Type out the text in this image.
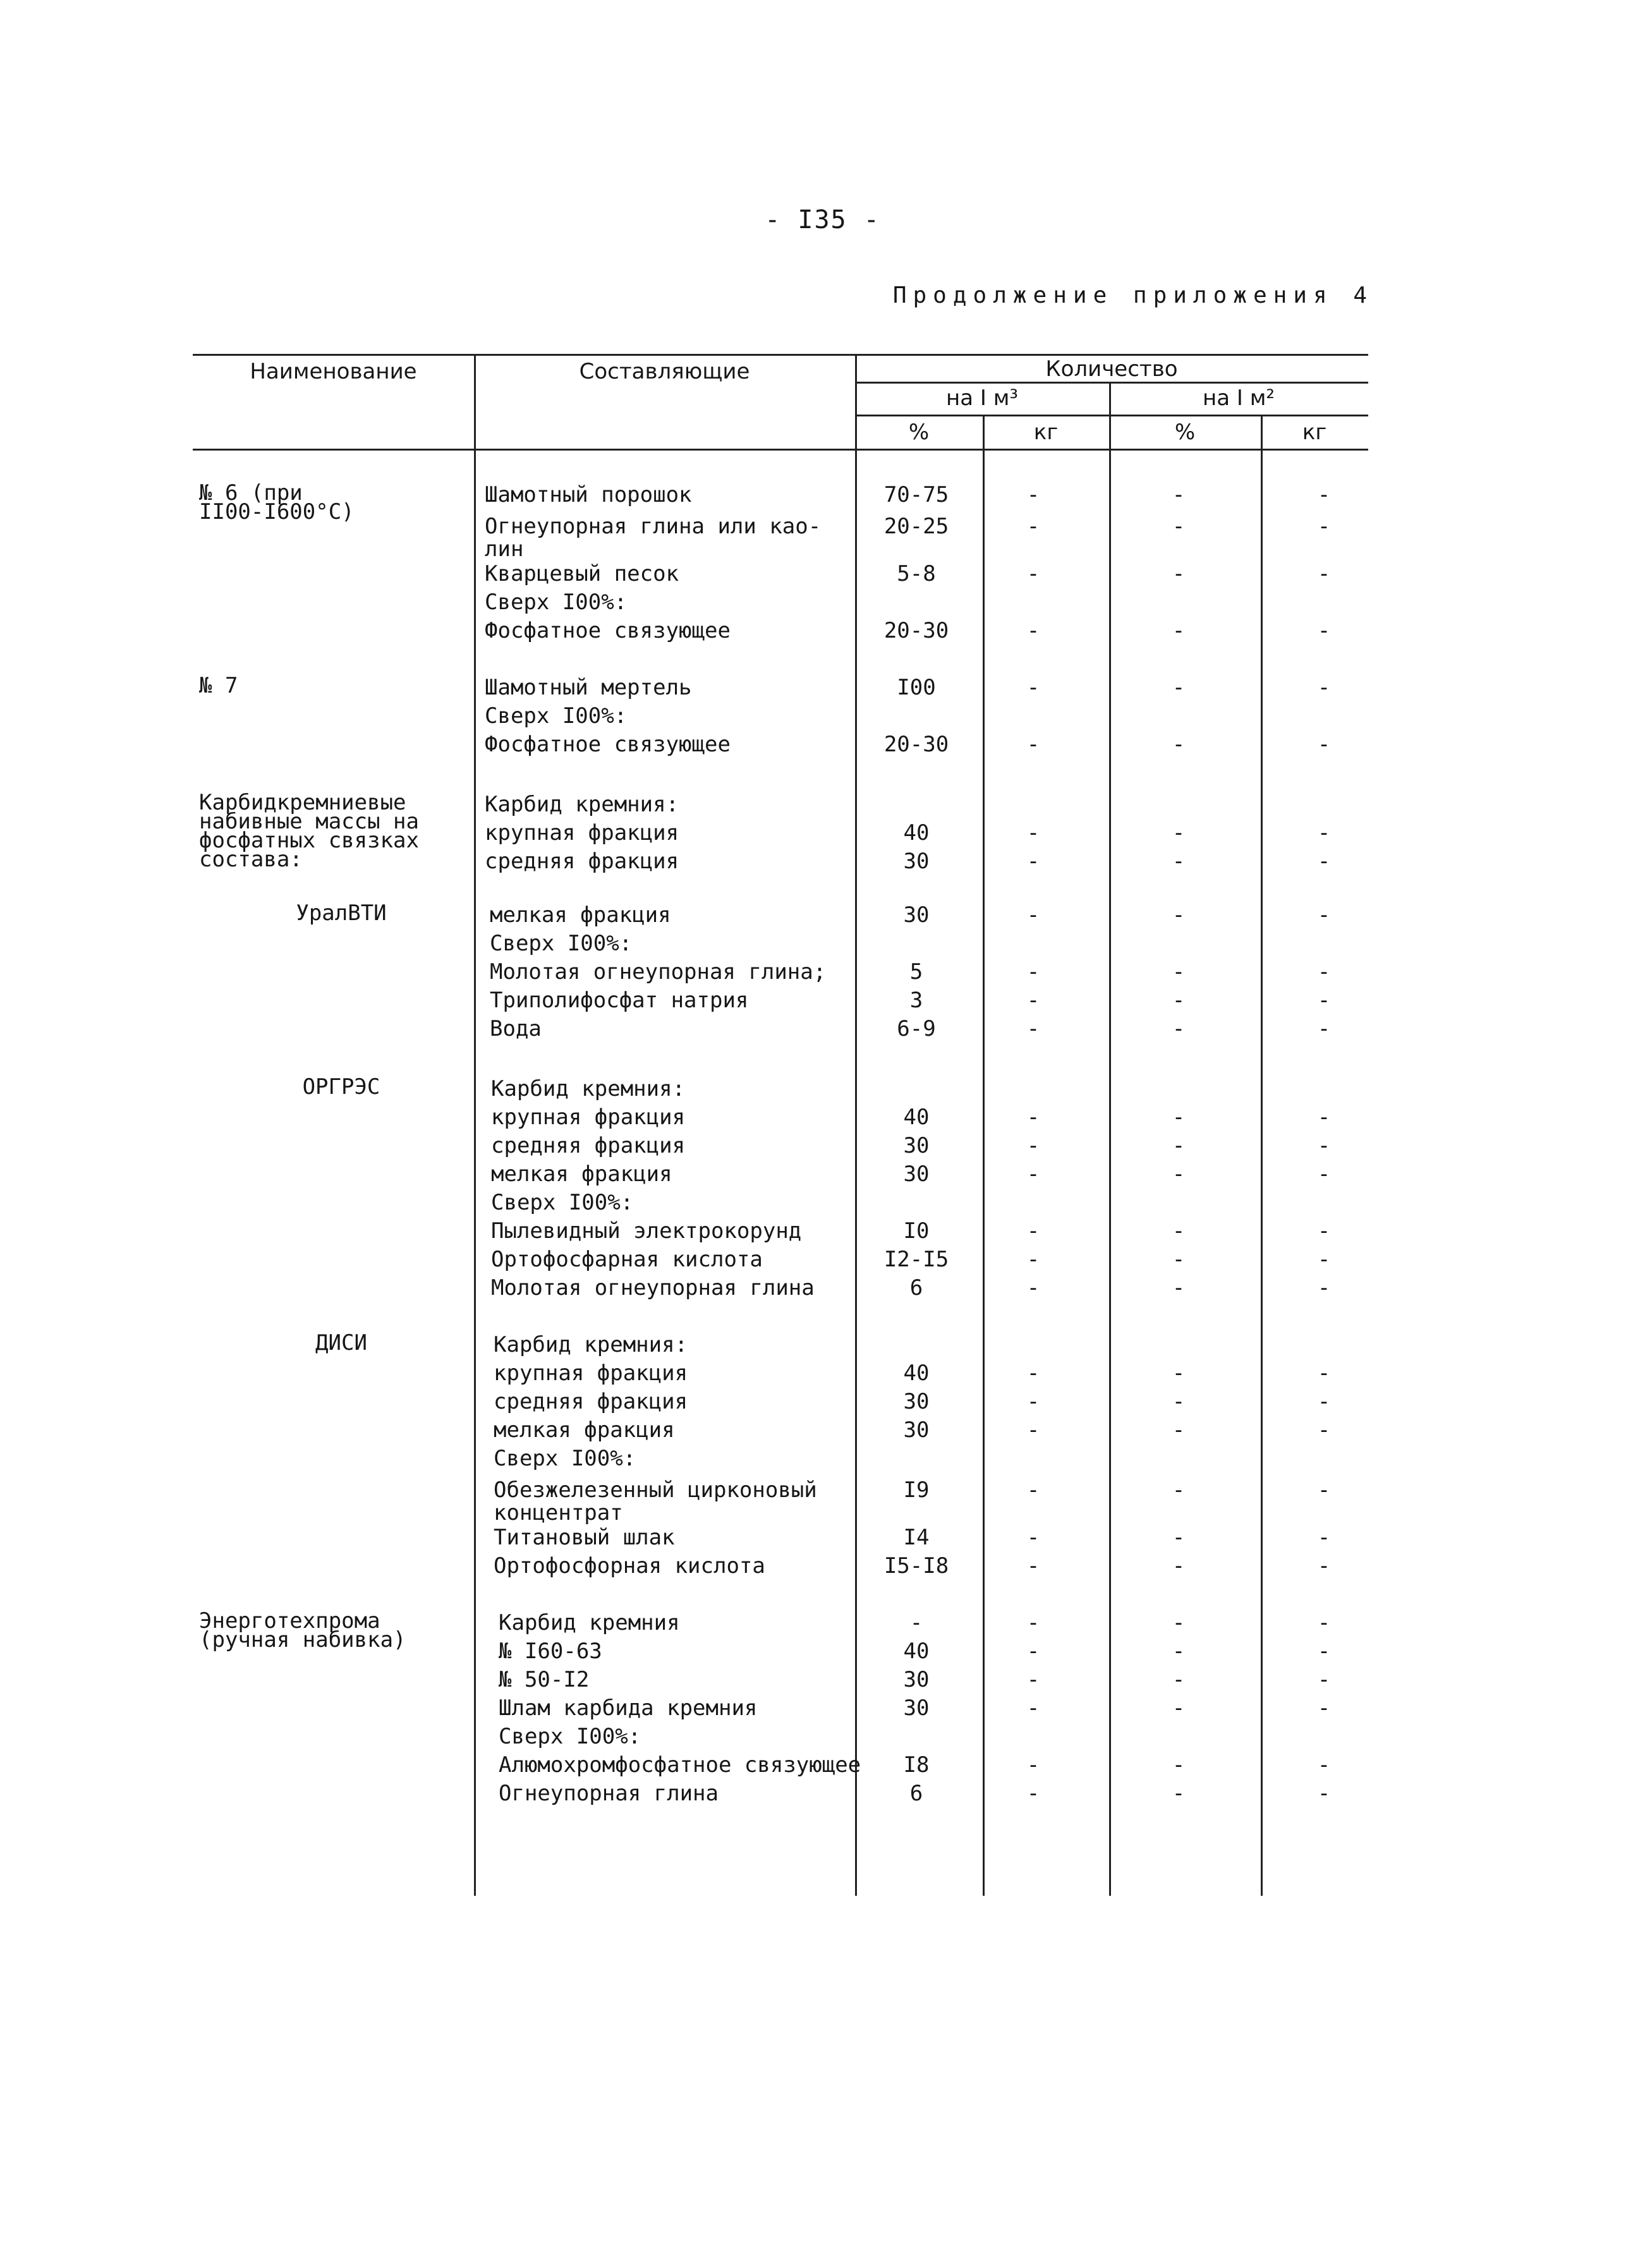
- I35 -
Продолжение приложения 4
Наименование	Составляющие	Количество
на I м³	на I м²
%	кг	%	кг
№ 6 (при
II00-I600°C)
Шамотный порошок	70-75	-	-	-
Огнеупорная глина или као-
лин
20-25	-	-	-
Кварцевый песок	5-8	-	-	-
Сверх I00%:
Фосфатное связующее	20-30	-	-	-
№ 7	Шамотный мертель	I00	-	-	-
Сверх I00%:
Фосфатное связующее	20-30	-	-	-
Карбидкремниевые
набивные массы на
фосфатных связках
состава:
Карбид кремния:
крупная фракция	40	-	-	-
средняя фракция	30	-	-	-
УралВТИ	мелкая фракция	30	-	-	-
Сверх I00%:
Молотая огнеупорная глина;	5	-	-	-
Триполифосфат натрия	3	-	-	-
Вода	6-9	-	-	-
ОРГРЭС	Карбид кремния:
крупная фракция	40	-	-	-
средняя фракция	30	-	-	-
мелкая фракция	30	-	-	-
Сверх I00%:
Пылевидный электрокорунд	I0	-	-	-
Ортофосфарная кислота	I2-I5	-	-	-
Молотая огнеупорная глина	6	-	-	-
ДИСИ	Карбид кремния:
крупная фракция	40	-	-	-
средняя фракция	30	-	-	-
мелкая фракция	30	-	-	-
Сверх I00%:
Обезжелезенный цирконовый
концентрат
I9	-	-	-
Титановый шлак	I4	-	-	-
Ортофосфорная кислота	I5-I8	-	-	-
Энерготехпрома
(ручная набивка)
Карбид кремния	-	-	-	-
№ I60-63	40	-	-	-
№ 50-I2	30	-	-	-
Шлам карбида кремния	30	-	-	-
Сверх I00%:
Алюмохромфосфатное связующее	I8	-	-	-
Огнеупорная глина	6	-	-	-
